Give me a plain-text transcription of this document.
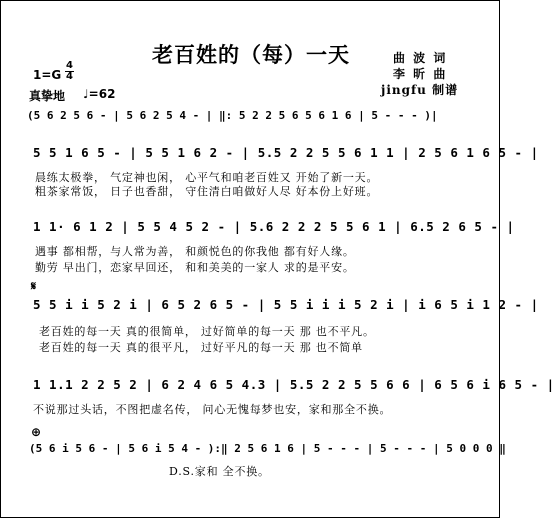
老百姓的（每）一天	曲 波 词
李 昕 曲
jingfu 制谱
1=G
4
4
真挚地 ♩=62
(5 6 2 5 6 - | 5 6 2 5 4 - | ‖: 5 2 2 5 6 5 6 1 6 | 5 - - - )|
5 5 1 6 5 - | 5 5 1 6 2 - | 5.5 2 2 5 5 6 1 1 | 2 5 6 1 6 5 - |
晨练太极拳， 气定神也闲， 心平气和咱老百姓又 开始了新一天。
粗茶家常饭， 日子也香甜， 守住清白咱做好人尽 好本份上好班。
1 1· 6 1 2 | 5 5 4 5 2 - | 5.6 2 2 2 5 5 6 1 | 6.5 2 6 5 - |
遇事 都相帮，与人常为善， 和颜悦色的你我他 都有好人缘。
勤劳 早出门，恋家早回还， 和和美美的一家人 求的是平安。
𝄋
5 5 i i 5 2 i | 6 5 2 6 5 - | 5 5 i i i 5 2 i | i 6 5 i 1 2 - |
老百姓的每一天 真的很简单， 过好简单的每一天 那 也不平凡。
老百姓的每一天 真的很平凡， 过好平凡的每一天 那 也不简单
1 1.1 2 2 5 2 | 6 2 4 6 5 4.3 | 5.5 2 2 5 5 6 6 | 6 5 6 i 6 5 - |
不说那过头话，不图把虚名传， 问心无愧每梦也安，家和那全不换。
⊕
(5 6 i 5 6 - | 5 6 i 5 4 - ):‖ 2 5 6 1 6 | 5 - - - | 5 - - - | 5 0 0 0 ‖
D.S.家和 全不换。
